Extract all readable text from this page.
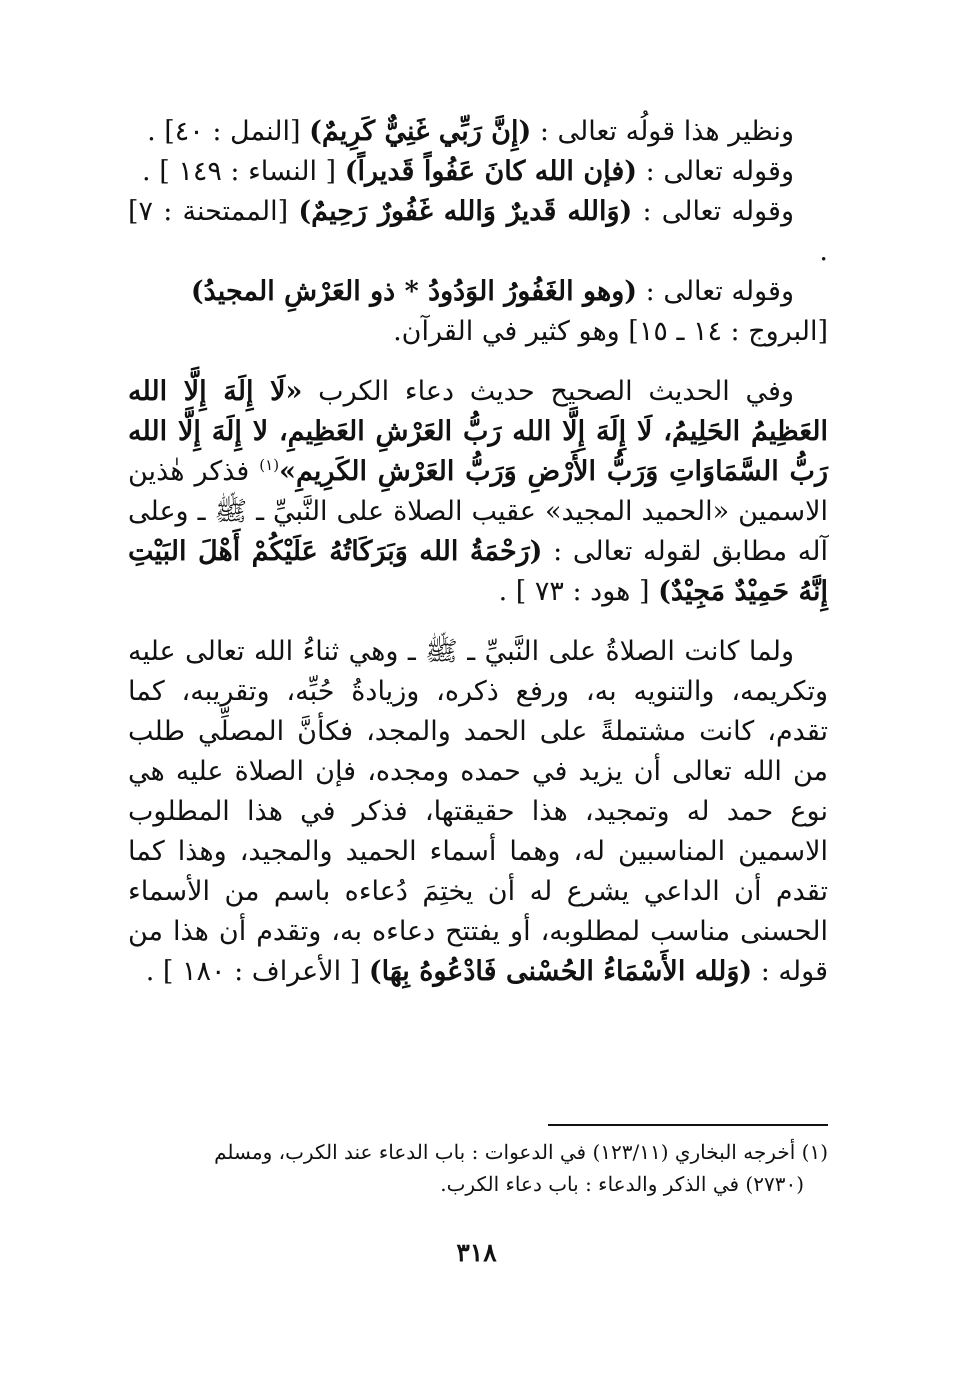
ونظير هذا قولُه تعالى : (إِنَّ رَبِّي غَنِيٌّ كَرِيمٌ) [النمل : ٤٠] .

وقوله تعالى : (فإن الله كانَ عَفُواً قَديراً) [ النساء : ١٤٩ ] .

وقوله تعالى : (وَالله قَديرٌ وَالله غَفُورٌ رَحِيمٌ) [الممتحنة : ٧] .

وقوله تعالى : (وهو الغَفُورُ الوَدُودُ * ذو العَرْشِ المجيدُ)

[البروج : ١٤ ـ ١٥] وهو كثير في القرآن.

وفي الحديث الصحيح حديث دعاء الكرب «لَا إِلَهَ إِلَّا الله العَظِيمُ الحَلِيمُ، لَا إِلَهَ إِلَّا الله رَبُّ العَرْشِ العَظِيمِ، لا إِلَهَ إِلَّا الله رَبُّ السَّمَاوَاتِ وَرَبُّ الأَرْضِ وَرَبُّ العَرْشِ الكَرِيمِ»$^{(١)}$ فذكر هٰذين الاسمين «الحميد المجيد» عقيب الصلاة على النَّبيِّ ـ ﷺ ـ وعلى آله مطابق لقوله تعالى : (رَحْمَةُ الله وَبَرَكَاتُهُ عَلَيْكُمْ أَهْلَ البَيْتِ إِنَّهُ حَمِيْدٌ مَجِيْدٌ) [ هود : ٧٣ ] .

ولما كانت الصلاةُ على النَّبيِّ ـ ﷺ ـ وهي ثناءُ الله تعالى عليه وتكريمه، والتنويه به، ورفع ذكره، وزيادةُ حُبِّه، وتقريبه، كما تقدم، كانت مشتملةً على الحمد والمجد، فكأنَّ المصلِّي طلب من الله تعالى أن يزيد في حمده ومجده، فإن الصلاة عليه هي نوع حمد له وتمجيد، هذا حقيقتها، فذكر في هذا المطلوب الاسمين المناسبين له، وهما أسماء الحميد والمجيد، وهذا كما تقدم أن الداعي يشرع له أن يختِمَ دُعاءه باسم من الأسماء الحسنى مناسب لمطلوبه، أو يفتتح دعاءه به، وتقدم أن هذا من قوله : (وَلله الأَسْمَاءُ الحُسْنى فَادْعُوهُ بِهَا) [ الأعراف : ١٨٠ ] .

(١) أخرجه البخاري (١٢٣/١١) في الدعوات : باب الدعاء عند الكرب، ومسلم

(٢٧٣٠) في الذكر والدعاء : باب دعاء الكرب.

٣١٨
